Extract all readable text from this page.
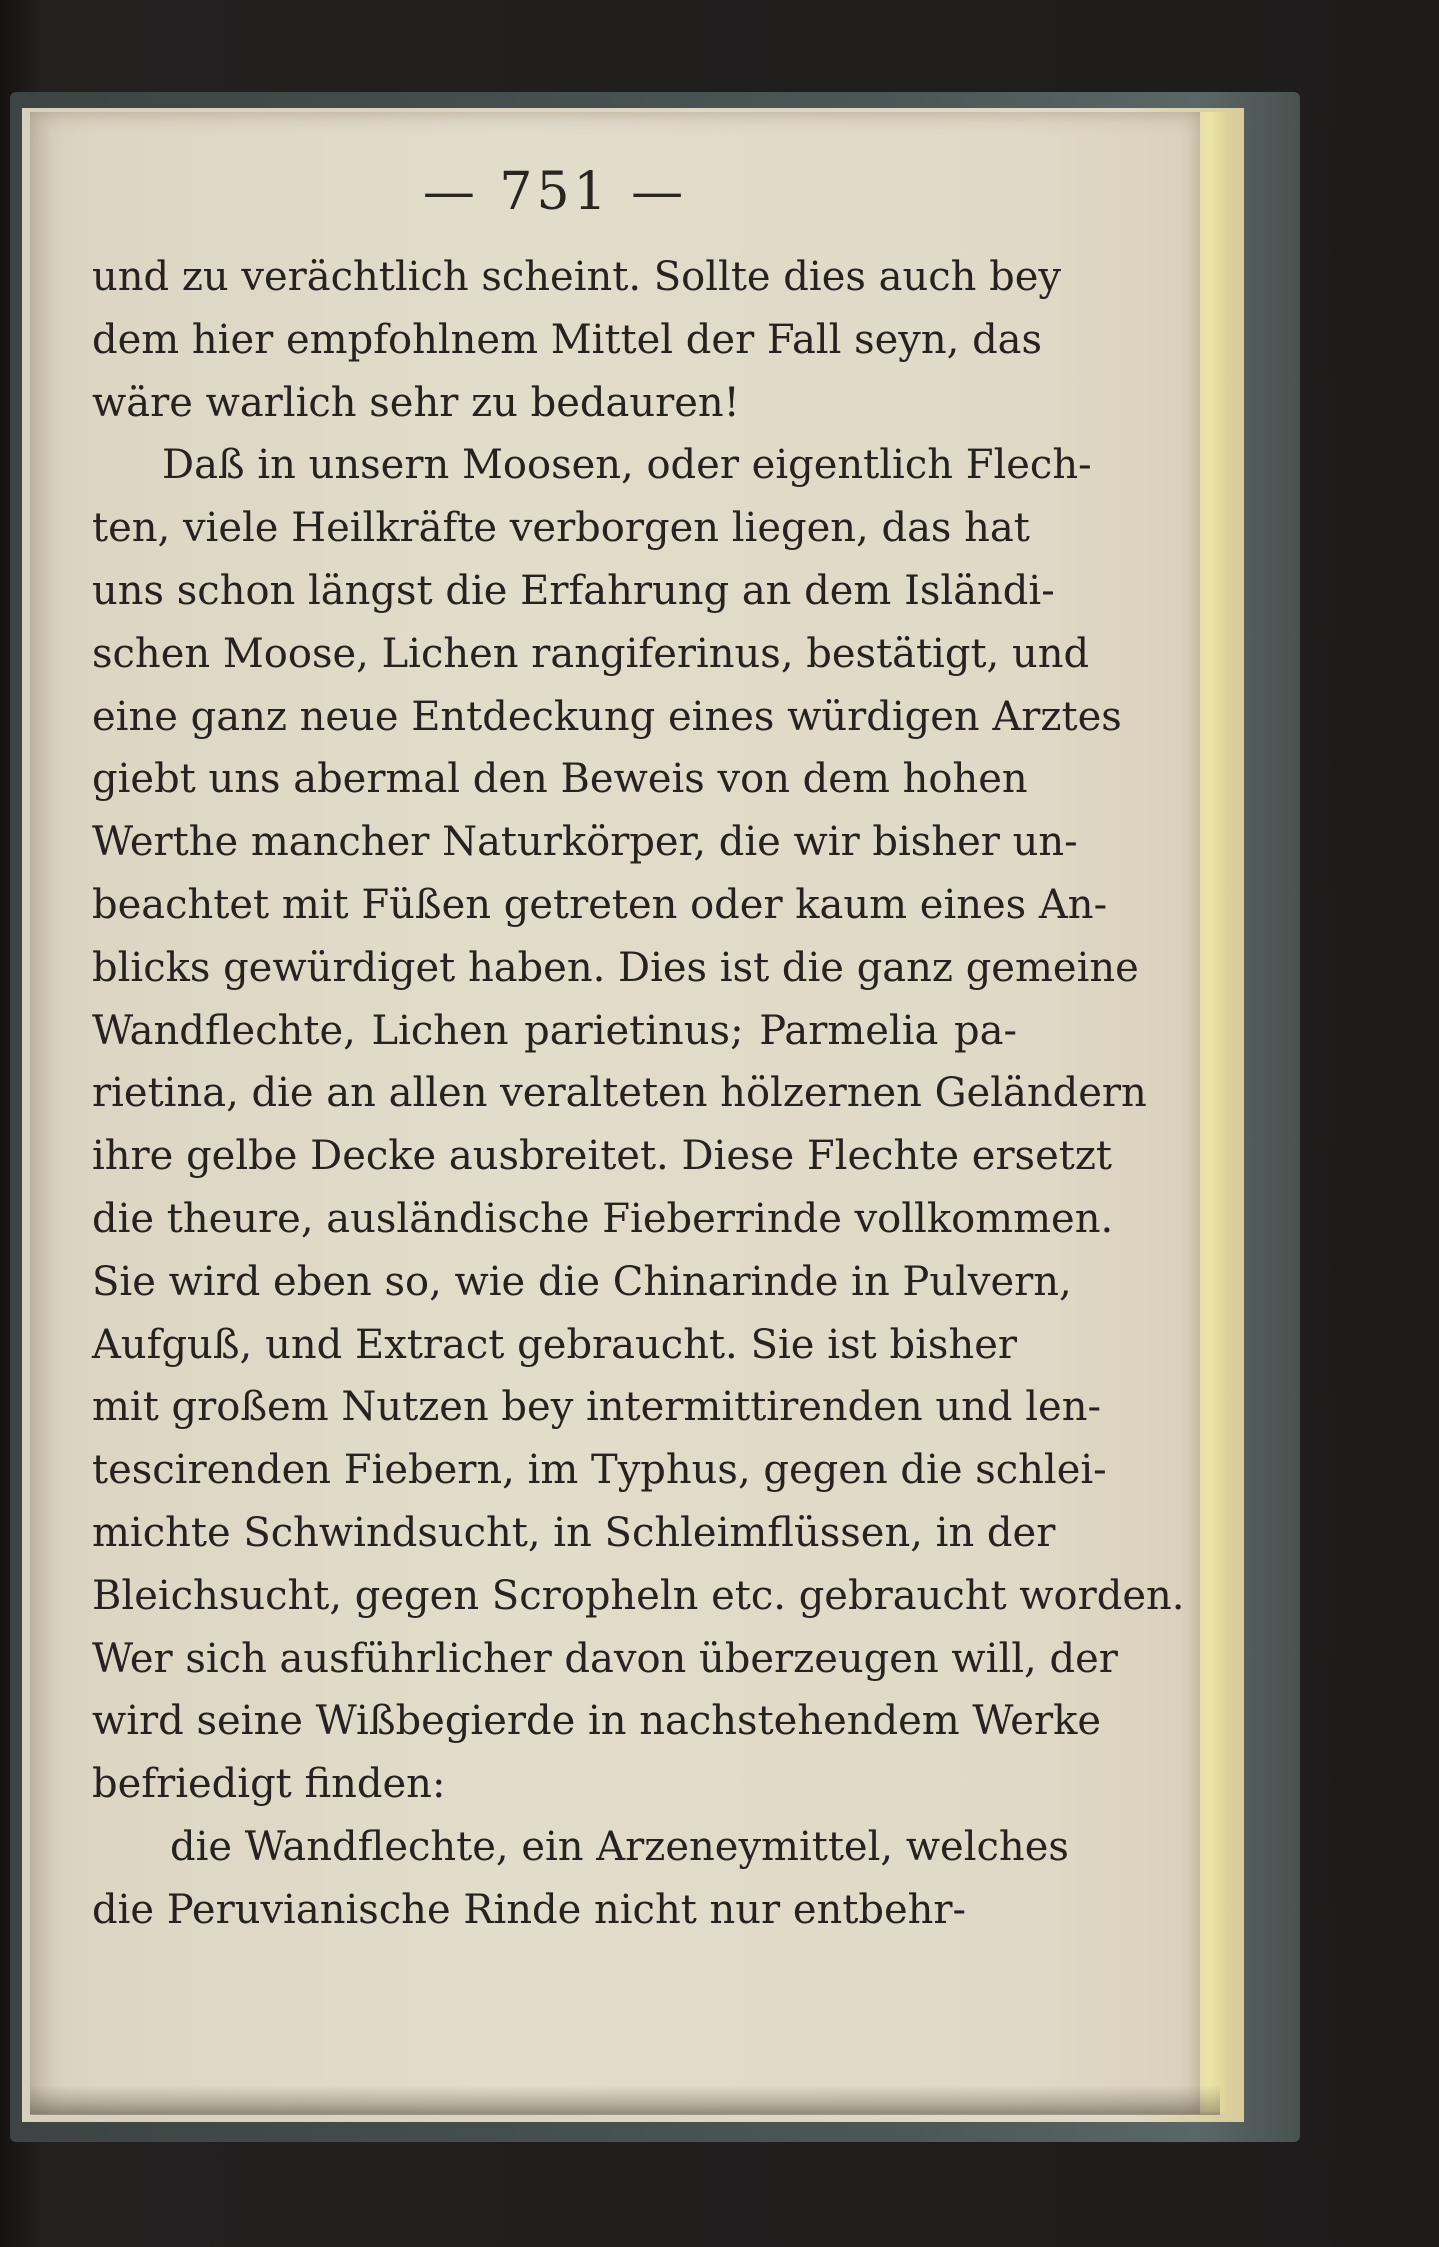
— 751 —
und zu verächtlich scheint. Sollte dies auch bey
dem hier empfohlnem Mittel der Fall seyn, das
wäre warlich sehr zu bedauren!
Daß in unsern Moosen, oder eigentlich Flech-
ten, viele Heilkräfte verborgen liegen, das hat
uns schon längst die Erfahrung an dem Isländi-
schen Moose, Lichen rangiferinus, bestätigt, und
eine ganz neue Entdeckung eines würdigen Arztes
giebt uns abermal den Beweis von dem hohen
Werthe mancher Naturkörper, die wir bisher un-
beachtet mit Füßen getreten oder kaum eines An-
blicks gewürdiget haben. Dies ist die ganz gemeine
Wandflechte, Lichen parietinus; Parmelia pa-
rietina, die an allen veralteten hölzernen Geländern
ihre gelbe Decke ausbreitet. Diese Flechte ersetzt
die theure, ausländische Fieberrinde vollkommen.
Sie wird eben so, wie die Chinarinde in Pulvern,
Aufguß, und Extract gebraucht. Sie ist bisher
mit großem Nutzen bey intermittirenden und len-
tescirenden Fiebern, im Typhus, gegen die schlei-
michte Schwindsucht, in Schleimflüssen, in der
Bleichsucht, gegen Scropheln etc. gebraucht worden.
Wer sich ausführlicher davon überzeugen will, der
wird seine Wißbegierde in nachstehendem Werke
befriedigt finden:
die Wandflechte, ein Arzeneymittel, welches
die Peruvianische Rinde nicht nur entbehr-
